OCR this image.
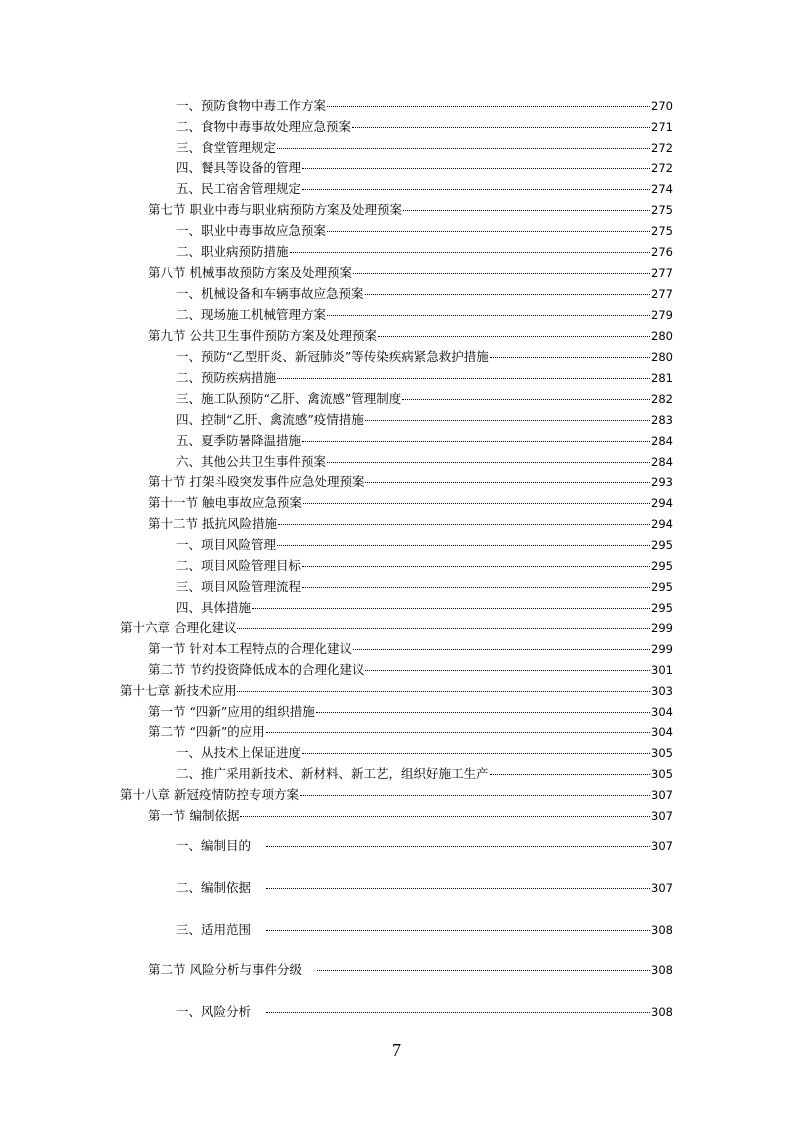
一、预防食物中毒工作方案	270
二、食物中毒事故处理应急预案	271
三、食堂管理规定	272
四、餐具等设备的管理	272
五、民工宿舍管理规定	274
第七节 职业中毒与职业病预防方案及处理预案	275
一、职业中毒事故应急预案	275
二、职业病预防措施	276
第八节 机械事故预防方案及处理预案	277
一、机械设备和车辆事故应急预案	277
二、现场施工机械管理方案	279
第九节 公共卫生事件预防方案及处理预案	280
一、预防“乙型肝炎、新冠肺炎”等传染疾病紧急救护措施	280
二、预防疾病措施	281
三、施工队预防“乙肝、禽流感”管理制度	282
四、控制“乙肝、禽流感”疫情措施	283
五、夏季防暑降温措施	284
六、其他公共卫生事件预案	284
第十节 打架斗殴突发事件应急处理预案	293
第十一节 触电事故应急预案	294
第十二节 抵抗风险措施	294
一、项目风险管理	295
二、项目风险管理目标	295
三、项目风险管理流程	295
四、具体措施	295
第十六章 合理化建议	299
第一节 针对本工程特点的合理化建议	299
第二节 节约投资降低成本的合理化建议	301
第十七章 新技术应用	303
第一节 “四新”应用的组织措施	304
第二节 “四新”的应用	304
一、从技术上保证进度	305
二、推广采用新技术、新材料、新工艺，组织好施工生产	305
第十八章 新冠疫情防控专项方案	307
第一节 编制依据	307
一、编制目的	307
二、编制依据	307
三、适用范围	308
第二节 风险分析与事件分级	308
一、风险分析	308
7
